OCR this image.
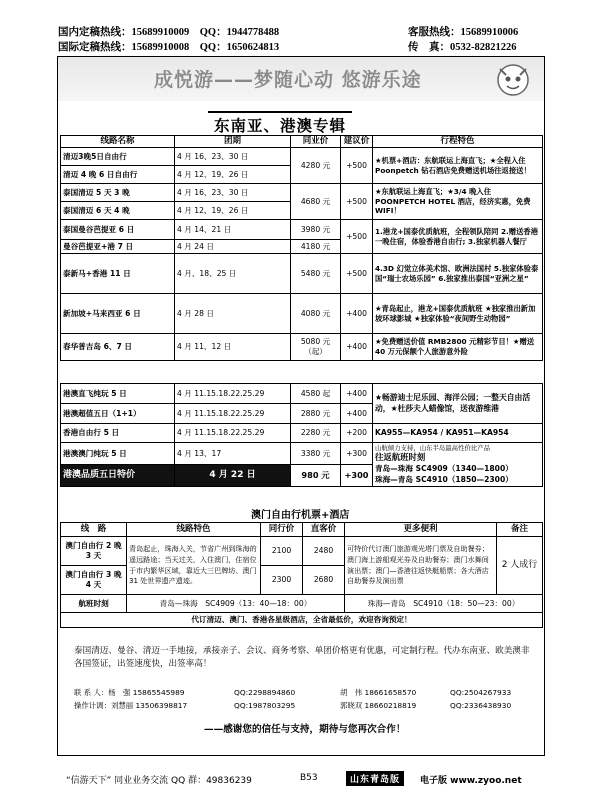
国内定稿热线：15689910009　QQ：1944778488
国际定稿热线：15689910008　QQ：1650624813
客服热线：15689910006
传　真：0532-82821226
成悦游——梦随心动 悠游乐途
东南亚、港澳专辑
线路名称	团期	同业价	建议价	行程特色
清迈3晚5日自由行	4 月 16、23、30 日	4280 元	+500	★机票+酒店：东航联运上海直飞；★全程入住 Poonpetch 钻石酒店免费赠送机场往返接送！
清迈 4 晚 6 日自由行	4 月 12、19、26 日			
泰国清迈 5 天 3 晚	4 月 16、23、30 日	4680 元	+500	★东航联运上海直飞；★3/4 晚入住 POONPETCH HOTEL 酒店，经济实惠，免费 WIFI！
泰国清迈 6 天 4 晚	4 月 12、19、26 日			
泰国曼谷芭提亚 6 日	4 月 14、21 日	3980 元	+500	1.港龙+国泰优质航班，全程领队陪同 2.赠送香港一晚住宿，体验香港自由行; 3.独家机器人餐厅
曼谷芭提亚+港 7 日	4 月 24 日	4180 元		
泰新马+香港 11 日	4 月、18、25 日	5480 元	+500	4.3D 幻觉立体美术馆、欧洲法国村 5.独家体验泰国“瑞士农场乐园” 6.独家推出泰国“亚洲之星”
新加坡+马来西亚 6 日	4 月 28 日	4080 元	+400	★青岛起止，港龙+国泰优质航班 ★独家推出新加坡环球影城 ★独家体验“夜间野生动物园”
春华普吉岛 6、7 日	4 月 11、12 日	5080 元（起）	+400	★免费赠送价值 RMB2800 元精彩节目！★赠送 40 万元保额个人旅游意外险
港澳直飞纯玩 5 日	4 月 11.15.18.22.25.29	4580 起	+400	★畅游迪士尼乐园、海洋公园；一整天自由活动，★杜莎夫人蜡像馆，送夜游维港
港澳超值五日（1+1）	4 月 11.15.18.22.25.29	2880 元	+400	
香港自由行 5 日	4 月 11.15.18.22.25.29	2280 元	+200	KA955—KA954 / KA951—KA954
港澳澳门纯玩 5 日	4 月 13、17	3380 元	+300	山航倾力支持，山东半岛最高性价比产品
往返航班时刻
青岛—珠海 SC4909（1340—1800）
珠海—青岛 SC4910（1850—2300）

港澳品质五日特价	4 月 22 日	980 元	+300	
澳门自由行机票+酒店
线　路	线路特色	同行价	直客价	更多便利	备注
澳门自由行 2 晚 3 天	青岛起止，珠海入关，节省广州到珠海的遥远路途；当天过关，入住澳门，住宿位于市内繁华区域，靠近大三巴牌坊、澳门 31 处世界遗产遗迹。	2100	2480	可特价代订澳门旅游观光塔门票及自助餐券；澳门海上游船观光券及自助餐券；澳门水舞间演出票；澳门—香港往返快艇船票；各大酒店自助餐券及演出票	2 人成行
澳门自由行 3 晚 4 天		2300	2680		
航班时刻	青岛—珠海　SC4909（13：40—18：00）			珠海—青岛　SC4910（18：50—23：00）	
代订清迈、澳门、香港各星级酒店，全省最低价，欢迎咨询预定！					
泰国清迈、曼谷、清迈一手地接，承接亲子、会议、商务考察、单团价格更有优惠，可定制行程。代办东南亚、欧美澳非各国签证，出签速度快，出签率高！
联 系 人：杨　强 15865545989	QQ:2298894860	胡　伟 18661658570	QQ:2504267933
操作计调：刘慧丽 13506398817	QQ:1987803295	郭晓双 18660218819	QQ:2336438930
——感谢您的信任与支持，期待与您再次合作！
“信游天下” 同业业务交流 QQ 群：49836239	B53	山东青岛版	电子版 www.zyoo.net
